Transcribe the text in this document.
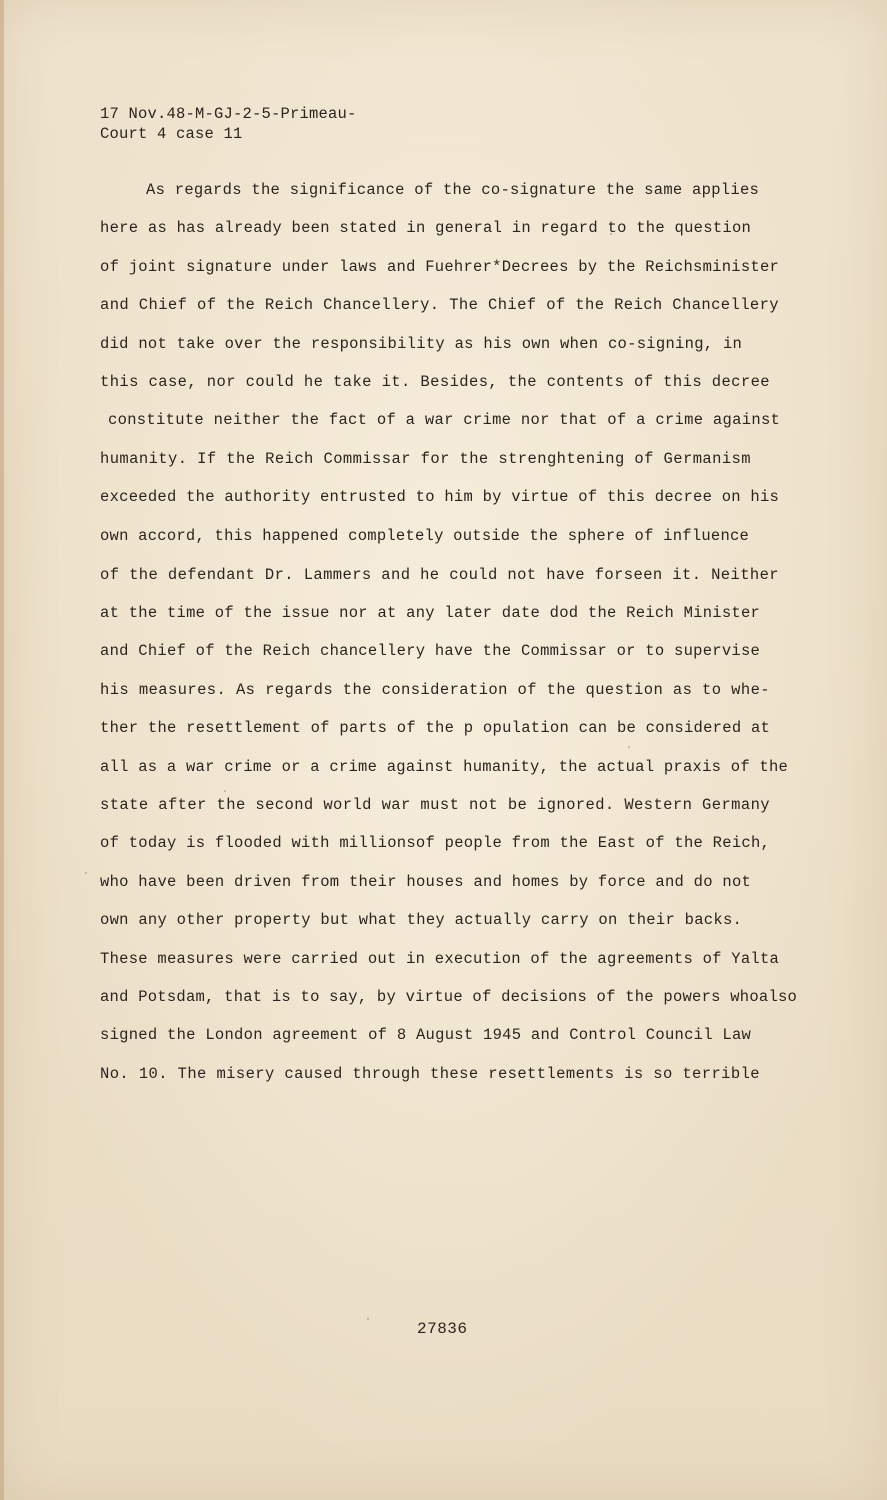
17 Nov.48-M-GJ-2-5-Primeau-
Court 4 case 11
As regards the significance of the co-signature the same applies
here as has already been stated in general in regard to the question
of joint signature under laws and Fuehrer*Decrees by the Reichsminister
and Chief of the Reich Chancellery. The Chief of the Reich Chancellery
did not take over the responsibility as his own when co-signing, in
this case, nor could he take it. Besides, the contents of this decree
constitute neither the fact of a war crime nor that of a crime against
humanity. If the Reich Commissar for the strenghtening of Germanism
exceeded the authority entrusted to him by virtue of this decree on his
own accord, this happened completely outside the sphere of influence
of the defendant Dr. Lammers and he could not have forseen it. Neither
at the time of the issue nor at any later date dod the Reich Minister
and Chief of the Reich chancellery have the Commissar or to supervise
his measures. As regards the consideration of the question as to whe-
ther the resettlement of parts of the p opulation can be considered at
all as a war crime or a crime against humanity, the actual praxis of the
state after the second world war must not be ignored. Western Germany
of today is flooded with millionsof people from the East of the Reich,
who have been driven from their houses and homes by force and do not
own any other property but what they actually carry on their backs.
These measures were carried out in execution of the agreements of Yalta
and Potsdam, that is to say, by virtue of decisions of the powers whoalso
signed the London agreement of 8 August 1945 and Control Council Law
No. 10. The misery caused through these resettlements is so terrible
27836
